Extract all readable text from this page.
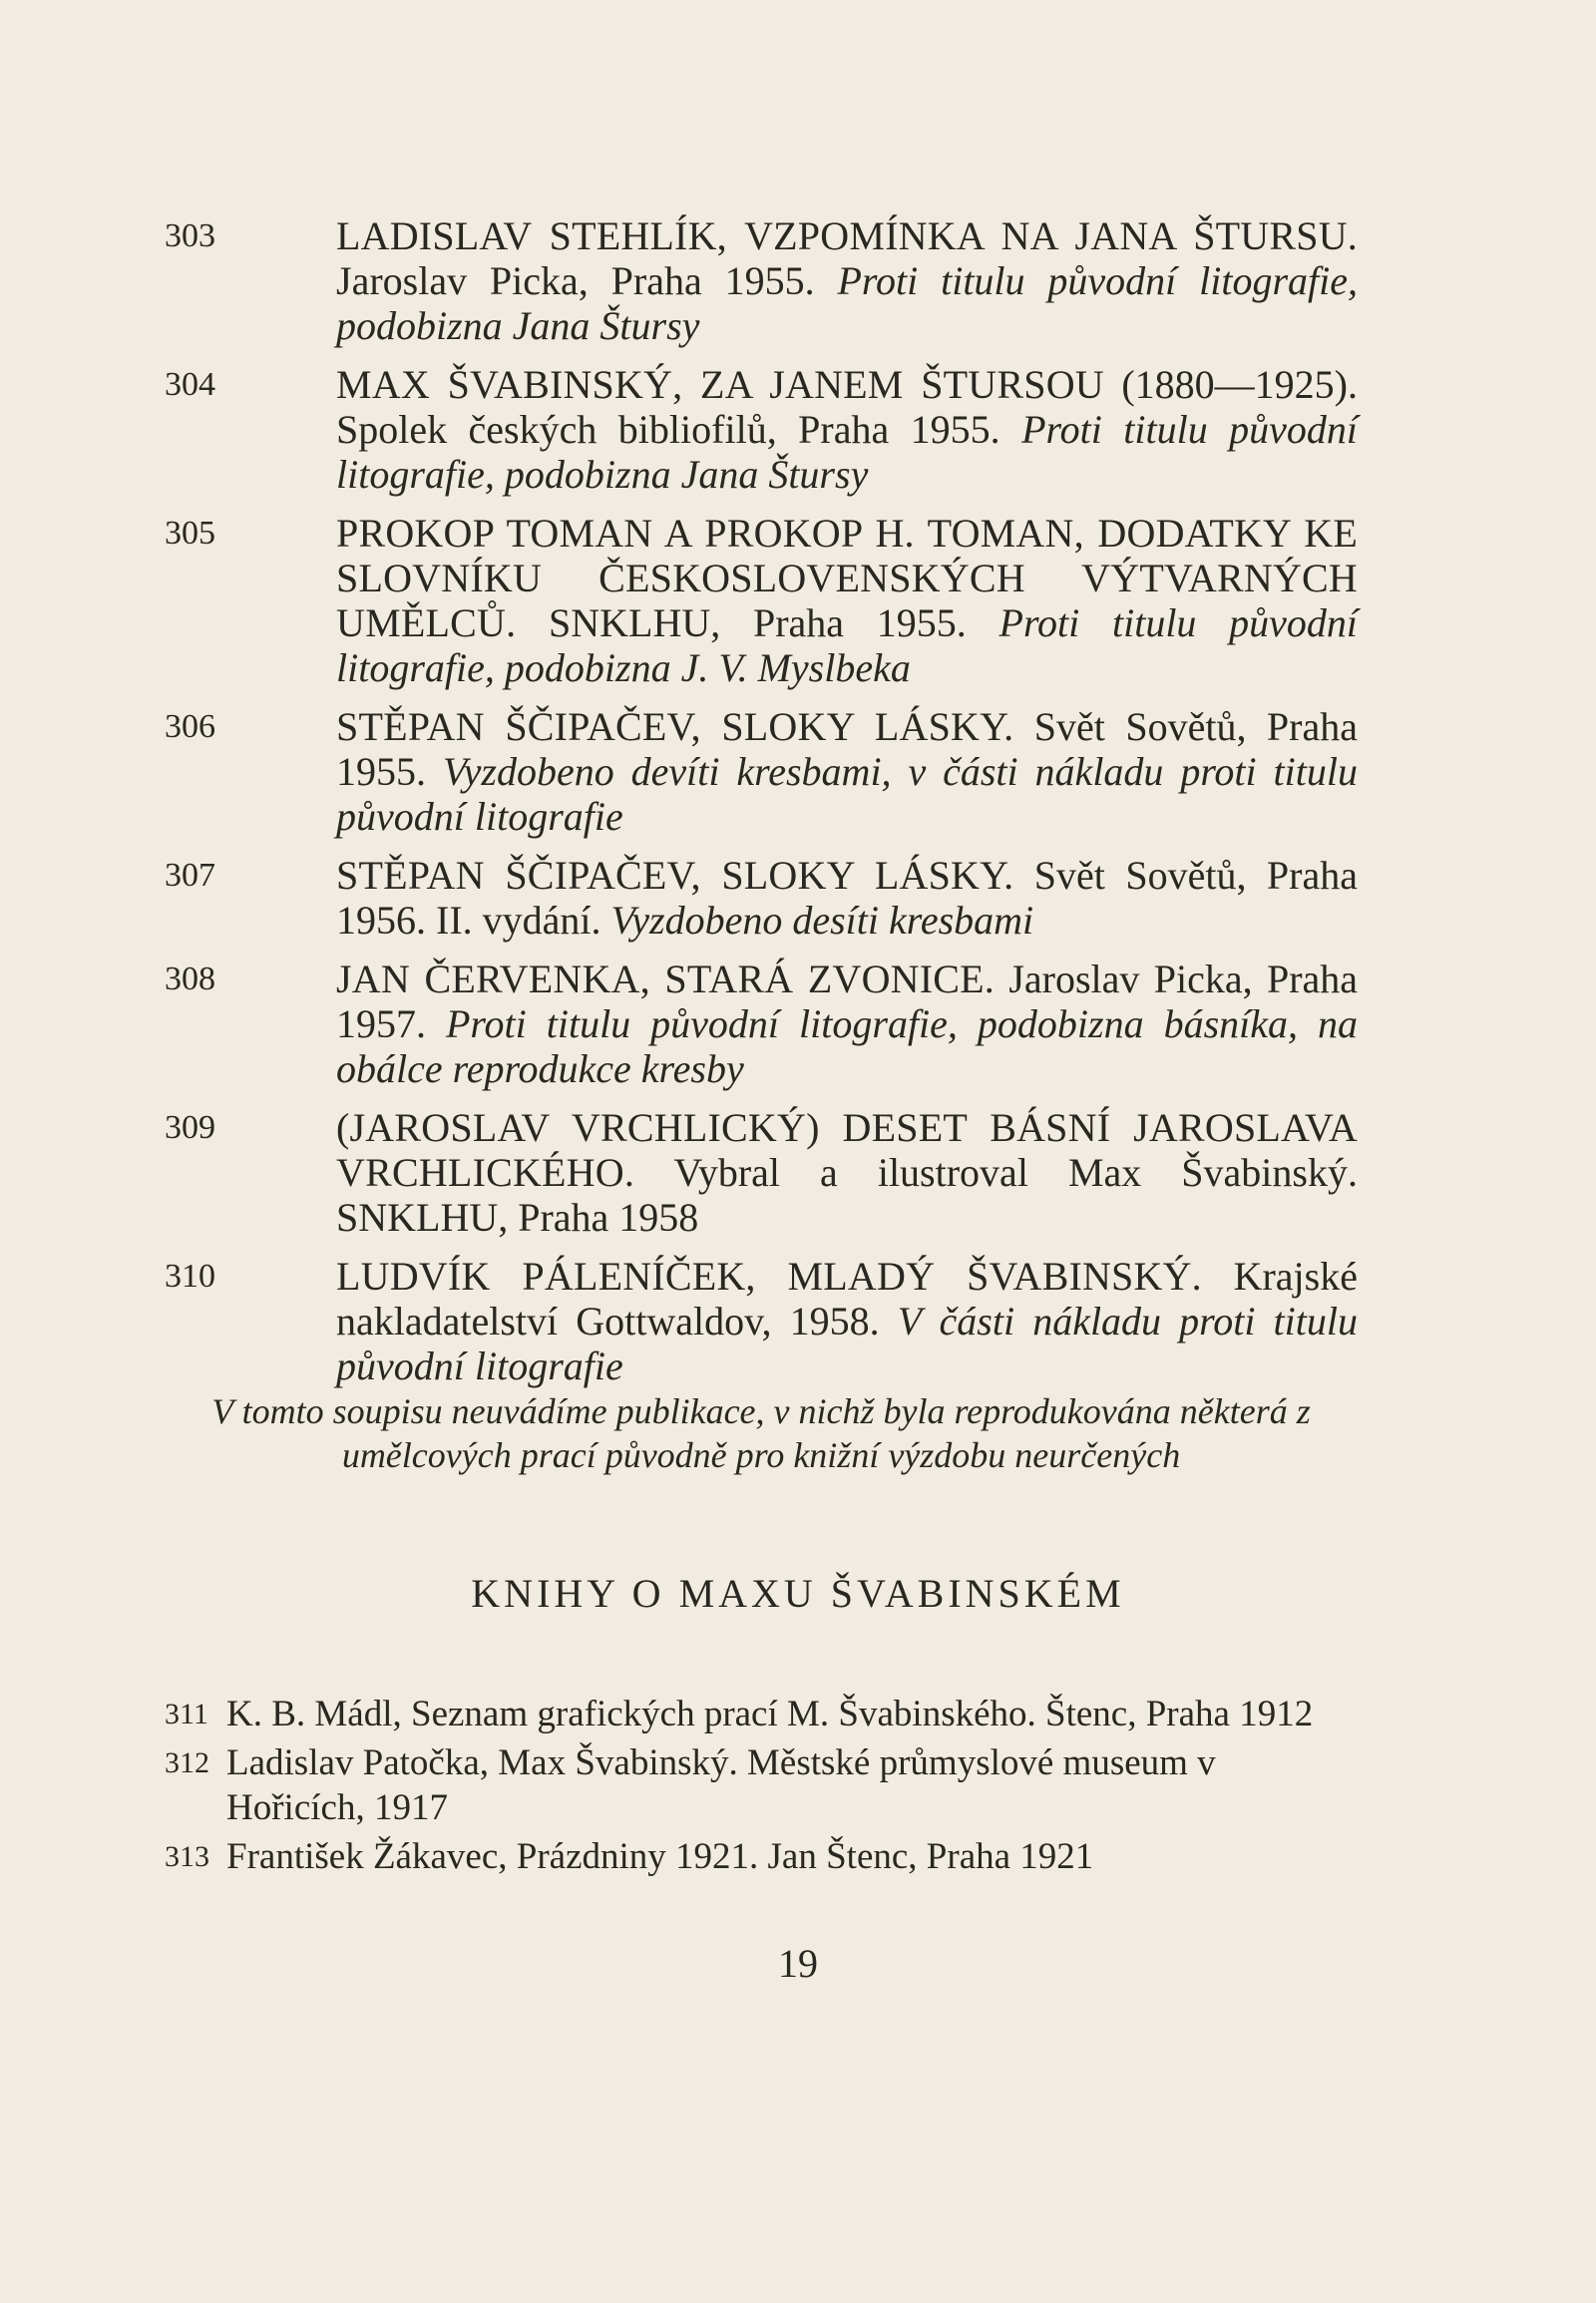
303	LADISLAV STEHLÍK, VZPOMÍNKA NA JANA ŠTURSU. Jaroslav Picka, Praha 1955. Proti titulu původní litografie, podobizna Jana Štursy
304	MAX ŠVABINSKÝ, ZA JANEM ŠTURSOU (1880—1925). Spolek českých bibliofilů, Praha 1955. Proti titulu původní litografie, podobizna Jana Štursy
305	PROKOP TOMAN A PROKOP H. TOMAN, DODATKY KE SLOVNÍKU ČESKOSLOVENSKÝCH VÝTVARNÝCH UMĚLCŮ. SNKLHU, Praha 1955. Proti titulu původní litografie, podobizna J. V. Myslbeka
306	STĚPAN ŠČIPAČEV, SLOKY LÁSKY. Svět Sovětů, Praha 1955. Vyzdobeno devíti kresbami, v části nákladu proti titulu původní litografie
307	STĚPAN ŠČIPAČEV, SLOKY LÁSKY. Svět Sovětů, Praha 1956. II. vydání. Vyzdobeno desíti kresbami
308	JAN ČERVENKA, STARÁ ZVONICE. Jaroslav Picka, Praha 1957. Proti titulu původní litografie, podobizna básníka, na obálce reprodukce kresby
309	(JAROSLAV VRCHLICKÝ) DESET BÁSNÍ JAROSLAVA VRCHLICKÉHO. Vybral a ilustroval Max Švabinský. SNKLHU, Praha 1958
310	LUDVÍK PÁLENÍČEK, MLADÝ ŠVABINSKÝ. Krajské nakladatelství Gottwaldov, 1958. V části nákladu proti titulu původní litografie
V tomto soupisu neuvádíme publikace, v nichž byla reprodukována některá z umělcových prací původně pro knižní výzdobu neurčených
KNIHY O MAXU ŠVABINSKÉM
311 K. B. Mádl, Seznam grafických prací M. Švabinského. Štenc, Praha 1912
312 Ladislav Patočka, Max Švabinský. Městské průmyslové museum v Hořicích, 1917
313 František Žákavec, Prázdniny 1921. Jan Štenc, Praha 1921
19
